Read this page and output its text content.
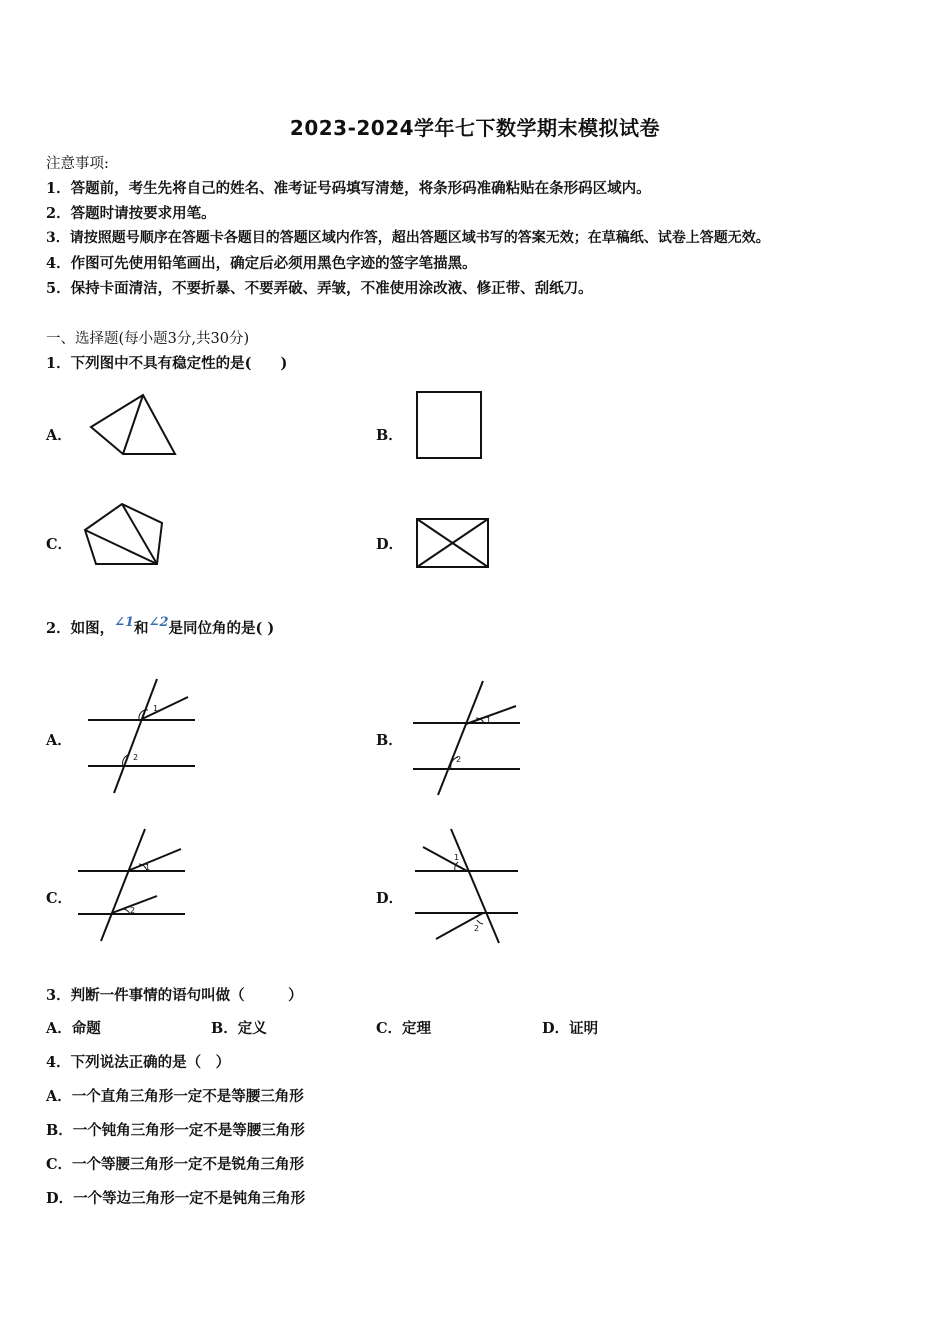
2023-2024学年七下数学期末模拟试卷
注意事项:
1．答题前，考生先将自己的姓名、准考证号码填写清楚，将条形码准确粘贴在条形码区域内。
2．答题时请按要求用笔。
3．请按照题号顺序在答题卡各题目的答题区域内作答，超出答题区域书写的答案无效；在草稿纸、试卷上答题无效。
4．作图可先使用铅笔画出，确定后必须用黑色字迹的签字笔描黑。
5．保持卡面清洁，不要折暴、不要弄破、弄皱，不准使用涂改液、修正带、刮纸刀。
一、选择题(每小题3分,共30分)
1．下列图中不具有稳定性的是(　　)
A．	B．
C．	D．
2．如图，∠1和∠2是同位角的是( )
A．
1
2
B．
1
2
C．
1
2
D．
1
2
3．判断一件事情的语句叫做（　　　）
A．命题	B．定义	C．定理	D．证明
4．下列说法正确的是（　）
A．一个直角三角形一定不是等腰三角形
B．一个钝角三角形一定不是等腰三角形
C．一个等腰三角形一定不是锐角三角形
D．一个等边三角形一定不是钝角三角形
